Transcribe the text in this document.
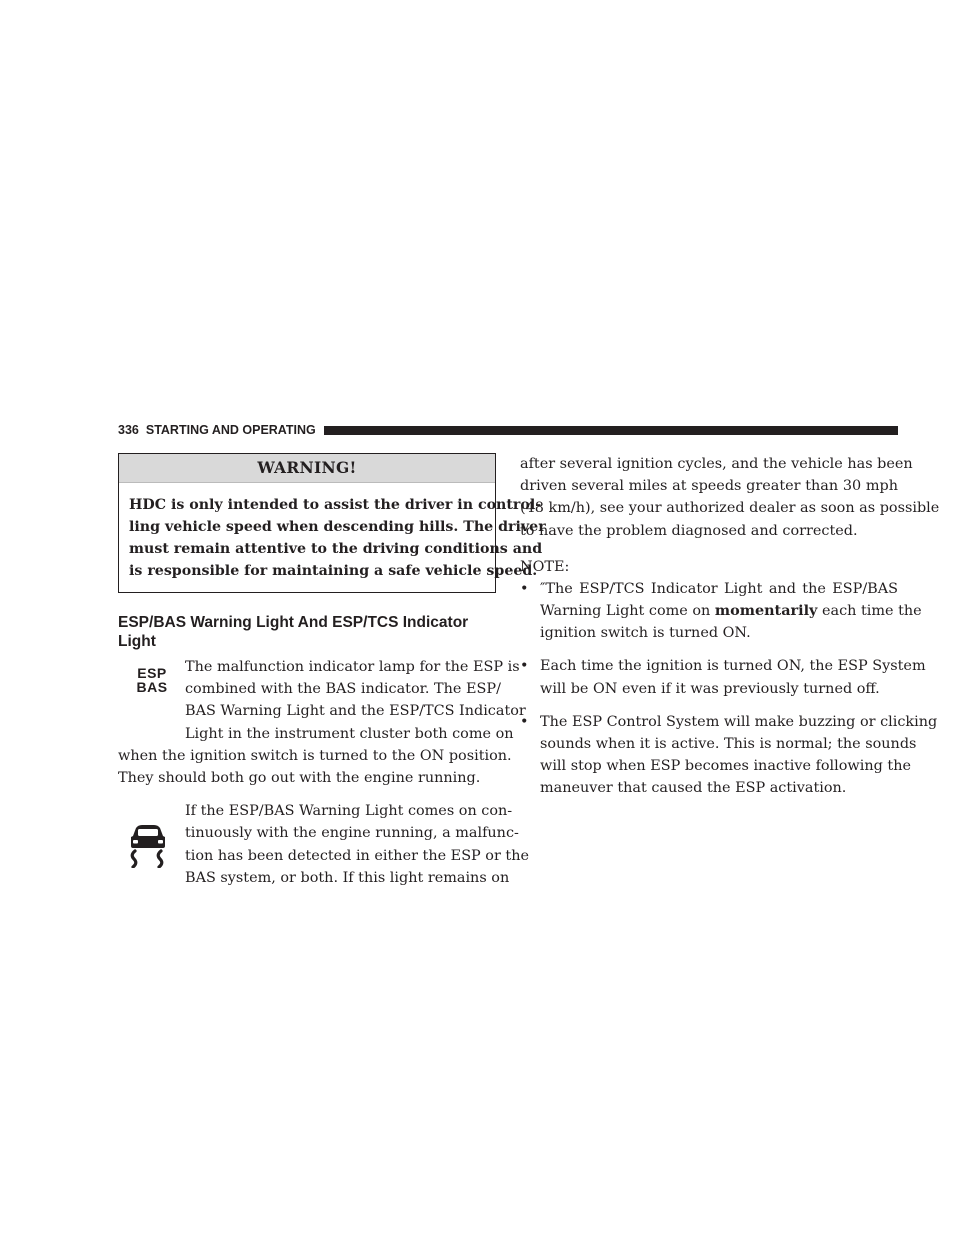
336 STARTING AND OPERATING
WARNING!
HDC is only intended to assist the driver in control-
ling vehicle speed when descending hills. The driver
must remain attentive to the driving conditions and
is responsible for maintaining a safe vehicle speed.
ESP/BAS Warning Light And ESP/TCS Indicator
Light
ESP
BAS
The malfunction indicator lamp for the ESP is
combined with the BAS indicator. The ESP/
BAS Warning Light and the ESP/TCS Indicator
Light in the instrument cluster both come on
when the ignition switch is turned to the ON position.
They should both go out with the engine running.
If the ESP/BAS Warning Light comes on con-
tinuously with the engine running, a malfunc-
tion has been detected in either the ESP or the
BAS system, or both. If this light remains on
after several ignition cycles, and the vehicle has been
driven several miles at speeds greater than 30 mph
(48 km/h), see your authorized dealer as soon as possible
to have the problem diagnosed and corrected.
NOTE:
• ″The ESP/TCS Indicator Light and the ESP/BAS
Warning Light come on momentarily each time the
ignition switch is turned ON.
• Each time the ignition is turned ON, the ESP System
will be ON even if it was previously turned off.
• The ESP Control System will make buzzing or clicking
sounds when it is active. This is normal; the sounds
will stop when ESP becomes inactive following the
maneuver that caused the ESP activation.
